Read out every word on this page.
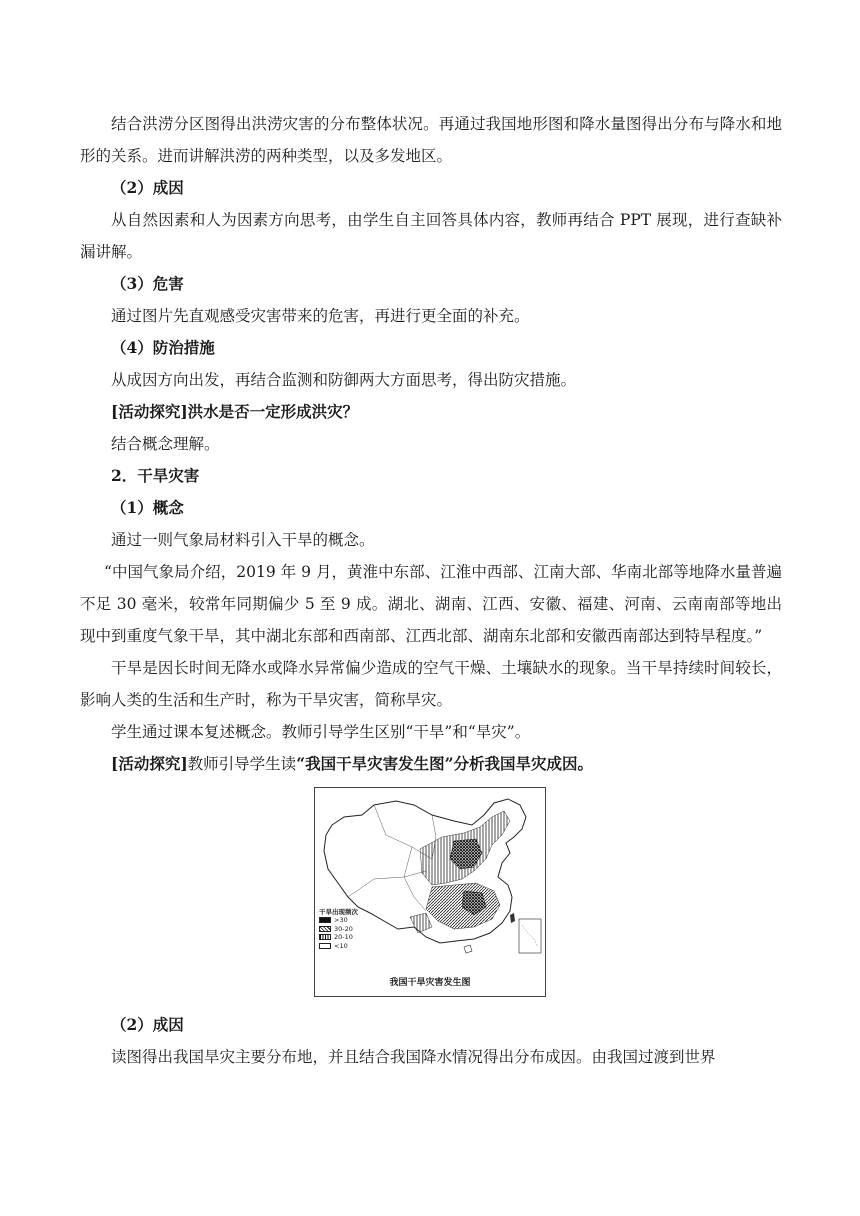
结合洪涝分区图得出洪涝灾害的分布整体状况。再通过我国地形图和降水量图得出分布与降水和地形的关系。进而讲解洪涝的两种类型，以及多发地区。

（2）成因

从自然因素和人为因素方向思考，由学生自主回答具体内容，教师再结合 PPT 展现，进行查缺补漏讲解。

（3）危害

通过图片先直观感受灾害带来的危害，再进行更全面的补充。

（4）防治措施

从成因方向出发，再结合监测和防御两大方面思考，得出防灾措施。

[活动探究]洪水是否一定形成洪灾？

结合概念理解。

2．干旱灾害

（1）概念

通过一则气象局材料引入干旱的概念。

“中国气象局介绍，2019 年 9 月，黄淮中东部、江淮中西部、江南大部、华南北部等地降水量普遍不足 30 毫米，较常年同期偏少 5 至 9 成。湖北、湖南、江西、安徽、福建、河南、云南南部等地出现中到重度气象干旱，其中湖北东部和西南部、江西北部、湖南东北部和安徽西南部达到特旱程度。”

干旱是因长时间无降水或降水异常偏少造成的空气干燥、土壤缺水的现象。当干旱持续时间较长，影响人类的生活和生产时，称为干旱灾害，简称旱灾。

学生通过课本复述概念。教师引导学生区别“干旱”和“旱灾”。

[活动探究]教师引导学生读“我国干旱灾害发生图”分析我国旱灾成因。

干旱出现频次
>30
30-20
20-10
<10
我国干旱灾害发生图

（2）成因

读图得出我国旱灾主要分布地，并且结合我国降水情况得出分布成因。由我国过渡到世界
